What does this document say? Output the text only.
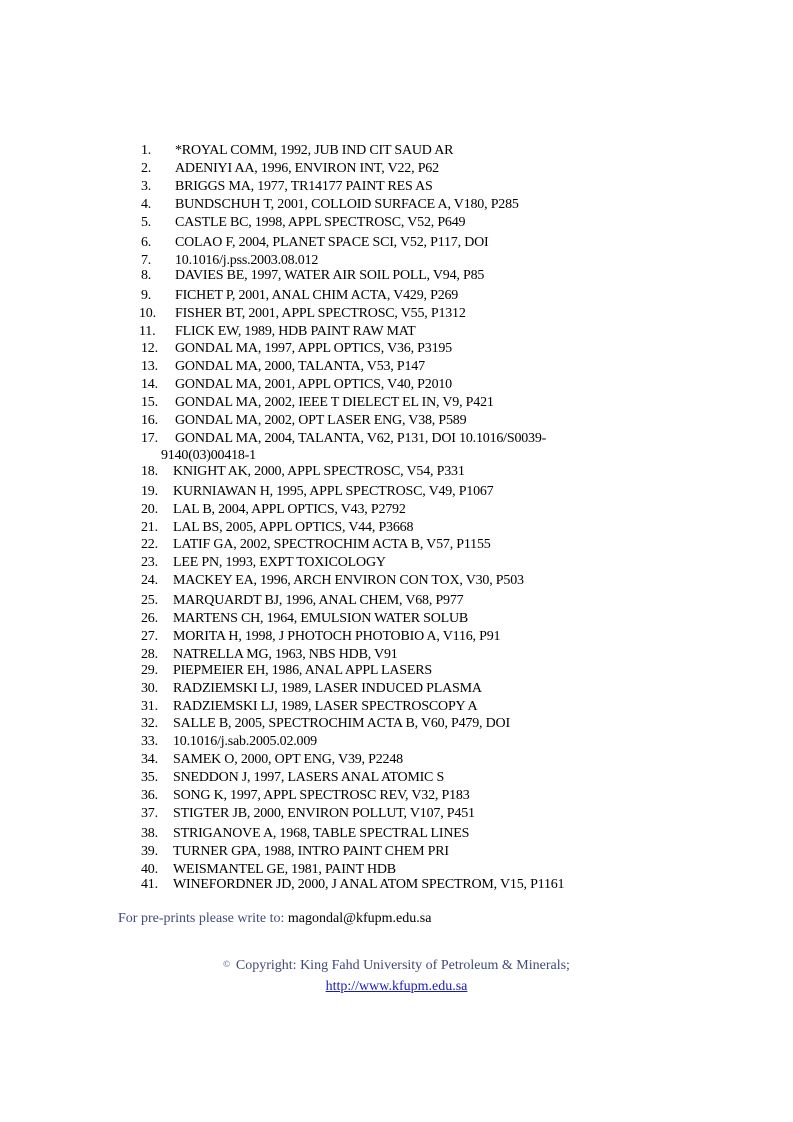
1. *ROYAL COMM, 1992, JUB IND CIT SAUD AR
2. ADENIYI AA, 1996, ENVIRON INT, V22, P62
3. BRIGGS MA, 1977, TR14177 PAINT RES AS
4. BUNDSCHUH T, 2001, COLLOID SURFACE A, V180, P285
5. CASTLE BC, 1998, APPL SPECTROSC, V52, P649
6. COLAO F, 2004, PLANET SPACE SCI, V52, P117, DOI
7. 10.1016/j.pss.2003.08.012
8. DAVIES BE, 1997, WATER AIR SOIL POLL, V94, P85
9. FICHET P, 2001, ANAL CHIM ACTA, V429, P269
10. FISHER BT, 2001, APPL SPECTROSC, V55, P1312
11. FLICK EW, 1989, HDB PAINT RAW MAT
12. GONDAL MA, 1997, APPL OPTICS, V36, P3195
13. GONDAL MA, 2000, TALANTA, V53, P147
14. GONDAL MA, 2001, APPL OPTICS, V40, P2010
15. GONDAL MA, 2002, IEEE T DIELECT EL IN, V9, P421
16. GONDAL MA, 2002, OPT LASER ENG, V38, P589
17. GONDAL MA, 2004, TALANTA, V62, P131, DOI 10.1016/S0039-
9140(03)00418-1
18. KNIGHT AK, 2000, APPL SPECTROSC, V54, P331
19. KURNIAWAN H, 1995, APPL SPECTROSC, V49, P1067
20. LAL B, 2004, APPL OPTICS, V43, P2792
21. LAL BS, 2005, APPL OPTICS, V44, P3668
22. LATIF GA, 2002, SPECTROCHIM ACTA B, V57, P1155
23. LEE PN, 1993, EXPT TOXICOLOGY
24. MACKEY EA, 1996, ARCH ENVIRON CON TOX, V30, P503
25. MARQUARDT BJ, 1996, ANAL CHEM, V68, P977
26. MARTENS CH, 1964, EMULSION WATER SOLUB
27. MORITA H, 1998, J PHOTOCH PHOTOBIO A, V116, P91
28. NATRELLA MG, 1963, NBS HDB, V91
29. PIEPMEIER EH, 1986, ANAL APPL LASERS
30. RADZIEMSKI LJ, 1989, LASER INDUCED PLASMA
31. RADZIEMSKI LJ, 1989, LASER SPECTROSCOPY A
32. SALLE B, 2005, SPECTROCHIM ACTA B, V60, P479, DOI
33. 10.1016/j.sab.2005.02.009
34. SAMEK O, 2000, OPT ENG, V39, P2248
35. SNEDDON J, 1997, LASERS ANAL ATOMIC S
36. SONG K, 1997, APPL SPECTROSC REV, V32, P183
37. STIGTER JB, 2000, ENVIRON POLLUT, V107, P451
38. STRIGANOVE A, 1968, TABLE SPECTRAL LINES
39. TURNER GPA, 1988, INTRO PAINT CHEM PRI
40. WEISMANTEL GE, 1981, PAINT HDB
41. WINEFORDNER JD, 2000, J ANAL ATOM SPECTROM, V15, P1161
For pre-prints please write to: magondal@kfupm.edu.sa
© Copyright: King Fahd University of Petroleum & Minerals;
http://www.kfupm.edu.sa
